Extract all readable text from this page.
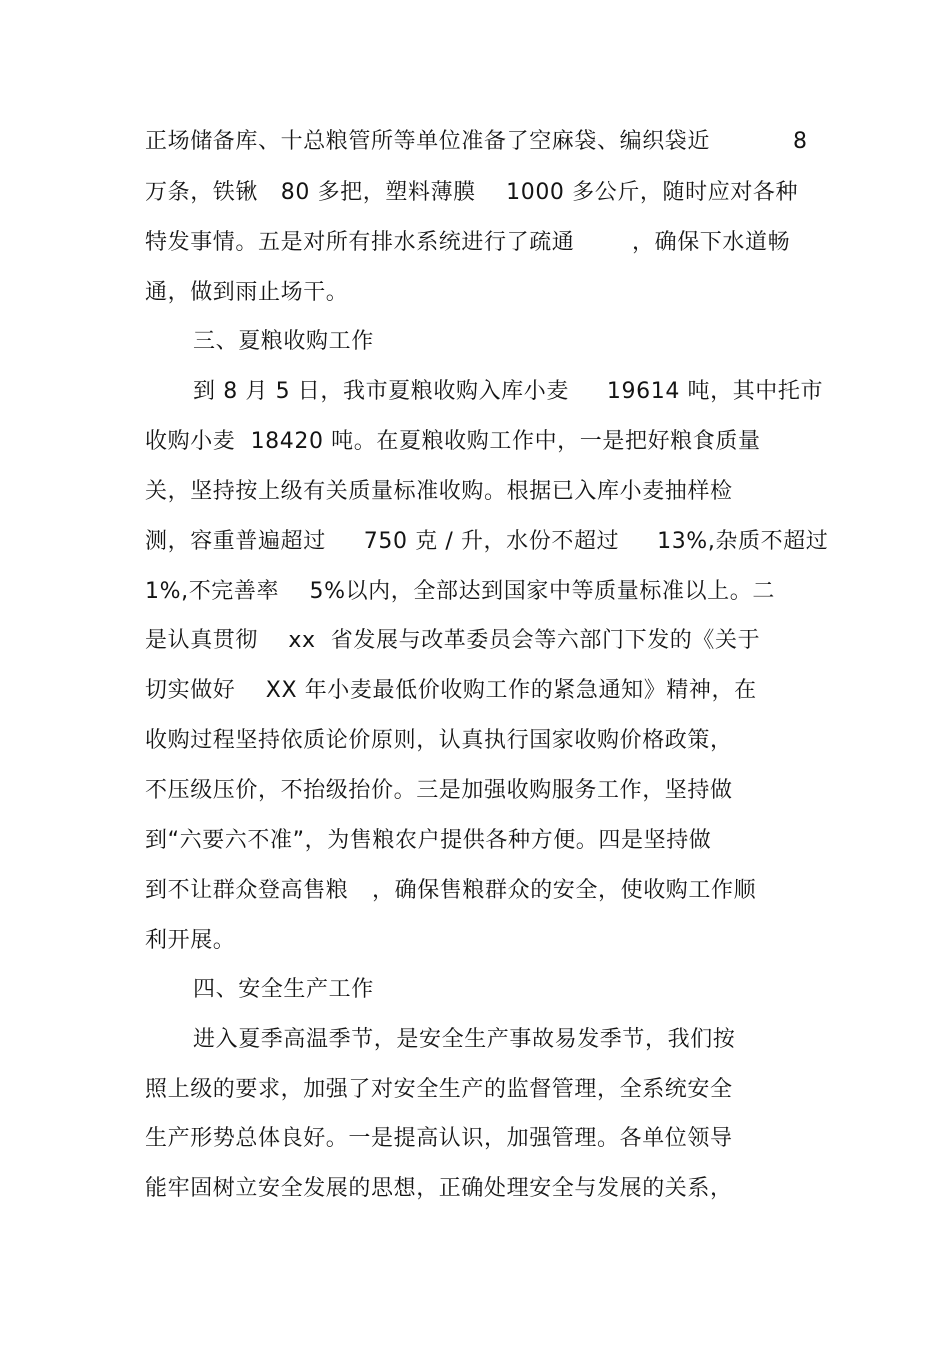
正场储备库、十总粮管所等单位准备了空麻袋、编织袋近	8
万条，铁锹   80 多把，塑料薄膜    1000 多公斤，随时应对各种
特发事情。五是对所有排水系统进行了疏通	，确保下水道畅
通，做到雨止场干。
三、夏粮收购工作
到 8 月 5 日，我市夏粮收购入库小麦     19614 吨，其中托市
收购小麦  18420 吨。在夏粮收购工作中，一是把好粮食质量
关，坚持按上级有关质量标准收购。根据已入库小麦抽样检
测，容重普遍超过     750 克 / 升，水份不超过     13%,杂质不超过
1%,不完善率    5%以内，全部达到国家中等质量标准以上。二
是认真贯彻    xx  省发展与改革委员会等六部门下发的《关于
切实做好    XX 年小麦最低价收购工作的紧急通知》精神，在
收购过程坚持依质论价原则，认真执行国家收购价格政策，
不压级压价，不抬级抬价。三是加强收购服务工作，坚持做
到“六要六不准”，为售粮农户提供各种方便。四是坚持做
到不让群众登高售粮 ，确保售粮群众的安全，使收购工作顺
利开展。
四、安全生产工作
进入夏季高温季节，是安全生产事故易发季节，我们按
照上级的要求，加强了对安全生产的监督管理，全系统安全
生产形势总体良好。一是提高认识，加强管理。各单位领导
能牢固树立安全发展的思想，正确处理安全与发展的关系，
